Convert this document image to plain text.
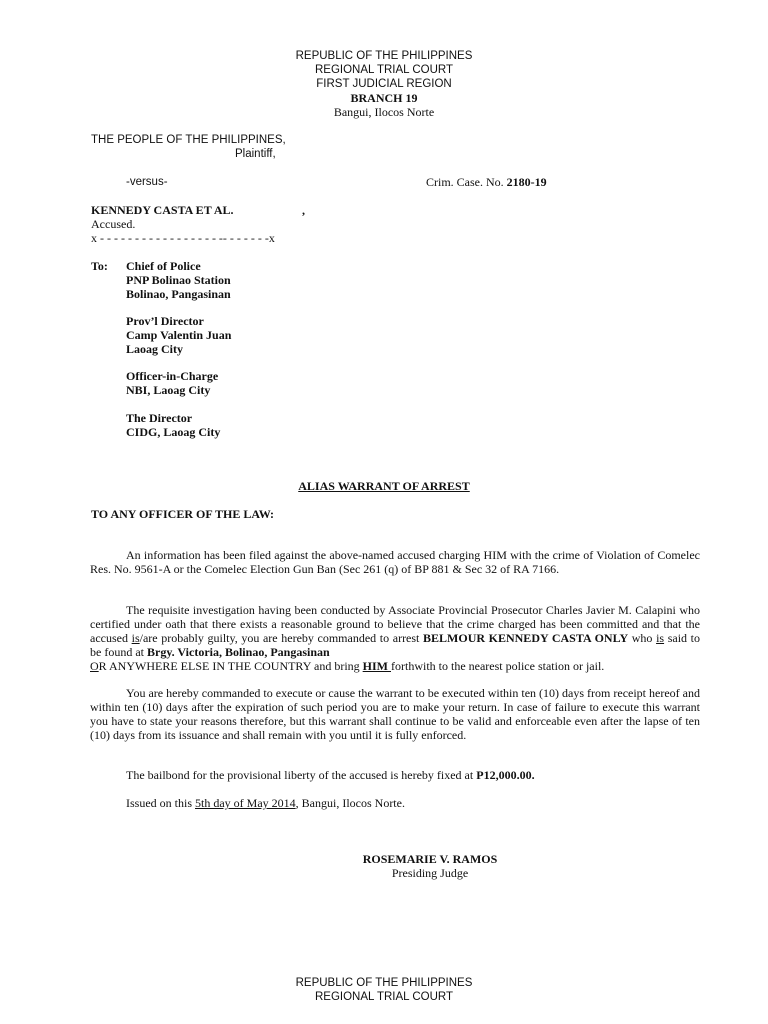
REPUBLIC OF THE PHILIPPINES
REGIONAL TRIAL COURT
FIRST JUDICIAL REGION
BRANCH 19
Bangui, Ilocos Norte
THE PEOPLE OF THE PHILIPPINES,
Plaintiff,
-versus-	Crim. Case. No. 2180-19
KENNEDY CASTA ET AL.	,
Accused.
x - - - - - - - - - - - - - - - - - -- - - - - - -x
To: Chief of Police
PNP Bolinao Station
Bolinao, Pangasinan
Prov’l Director
Camp Valentin Juan
Laoag City
Officer-in-Charge
NBI, Laoag City
The Director
CIDG, Laoag City
ALIAS WARRANT OF ARREST
TO ANY OFFICER OF THE LAW:

An information has been filed against the above-named accused charging HIM with the crime of Violation of Comelec Res. No. 9561-A or the Comelec Election Gun Ban (Sec 261 (q) of BP 881 & Sec 32 of RA 7166.

The requisite investigation having been conducted by Associate Provincial Prosecutor Charles Javier M. Calapini who certified under oath that there exists a reasonable ground to believe that the crime charged has been committed and that the accused is/are probably guilty, you are hereby commanded to arrest BELMOUR KENNEDY CASTA ONLY who is said to be found at Brgy. Victoria, Bolinao, Pangasinan
OR ANYWHERE ELSE IN THE COUNTRY and bring HIM forthwith to the nearest police station or jail.

You are hereby commanded to execute or cause the warrant to be executed within ten (10) days from receipt hereof and within ten (10) days after the expiration of such period you are to make your return. In case of failure to execute this warrant you have to state your reasons therefore, but this warrant shall continue to be valid and enforceable even after the lapse of ten (10) days from its issuance and shall remain with you until it is fully enforced.

The bailbond for the provisional liberty of the accused is hereby fixed at P12,000.00.
Issued on this 5th day of May 2014, Bangui, Ilocos Norte.
ROSEMARIE V. RAMOS
Presiding Judge
REPUBLIC OF THE PHILIPPINES
REGIONAL TRIAL COURT
